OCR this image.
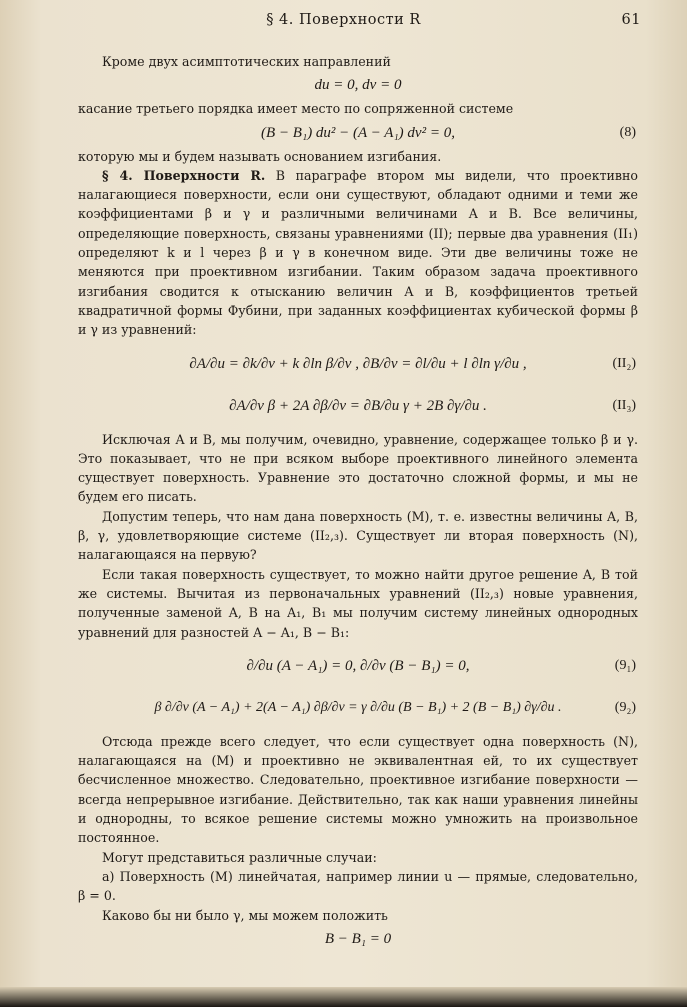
§ 4. Поверхности R	61

Кроме двух асимптотических направлений

du = 0, dv = 0

касание третьего порядка имеет место по сопряженной системе

(B − B₁) du² − (A − A₁) dv² = 0,	(8)

которую мы и будем называть основанием изгибания.

§ 4. Поверхности R. В параграфе втором мы видели, что проективно налагающиеся поверхности, если они существуют, обладают одними и теми же коэффициентами β и γ и различными величинами A и B. Все величины, определяющие поверхность, связаны уравнениями (II); первые два уравнения (II₁) определяют k и l через β и γ в конечном виде. Эти две величины тоже не меняются при проективном изгибании. Таким образом задача проективного изгибания сводится к отысканию величин A и B, коэффициентов третьей квадратичной формы Фубини, при заданных коэффициентах кубической формы β и γ из уравнений:

∂A/∂u = ∂k/∂v + k ∂ln β/∂v , ∂B/∂v = ∂l/∂u + l ∂ln γ/∂u ,	(II₂)
∂A/∂v β + 2A ∂β/∂v = ∂B/∂u γ + 2B ∂γ/∂u .	(II₃)

Исключая A и B, мы получим, очевидно, уравнение, содержащее только β и γ. Это показывает, что не при всяком выборе проективного линейного элемента существует поверхность. Уравнение это достаточно сложной формы, и мы не будем его писать.

Допустим теперь, что нам дана поверхность (M), т. е. известны величины A, B, β, γ, удовлетворяющие системе (II₂,₃). Существует ли вторая поверхность (N), налагающаяся на первую?

Если такая поверхность существует, то можно найти другое решение A, B той же системы. Вычитая из первоначальных уравнений (II₂,₃) новые уравнения, полученные заменой A, B на A₁, B₁ мы получим систему линейных однородных уравнений для разностей A − A₁, B − B₁:

∂/∂u (A − A₁) = 0, ∂/∂v (B − B₁) = 0,	(9₁)
β ∂/∂v (A − A₁) + 2(A − A₁) ∂β/∂v = γ ∂/∂u (B − B₁) + 2 (B − B₁) ∂γ/∂u .	(9₂)

Отсюда прежде всего следует, что если существует одна поверхность (N), налагающаяся на (M) и проективно не эквивалентная ей, то их существует бесчисленное множество. Следовательно, проективное изгибание поверхности — всегда непрерывное изгибание. Действительно, так как наши уравнения линейны и однородны, то всякое решение системы можно умножить на произвольное постоянное.

Могут представиться различные случаи:

а) Поверхность (M) линейчатая, например линии u — прямые, следовательно, β = 0.

Каково бы ни было γ, мы можем положить

B − B₁ = 0
